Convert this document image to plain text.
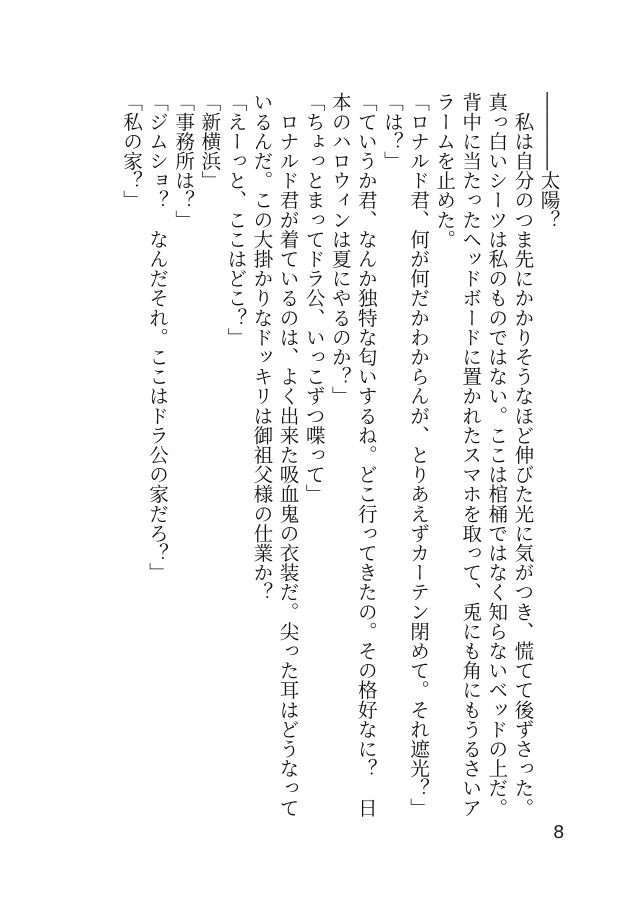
――――太陽？
　私は自分のつま先にかかりそうなほど伸びた光に気がつき、慌てて後ずさった。
真っ白いシーツは私のものではない。ここは棺桶ではなく知らないベッドの上だ。
背中に当たったヘッドボードに置かれたスマホを取って、兎にも角にもうるさいア
ラームを止めた。
「ロナルド君、何が何だかわからんが、とりあえずカーテン閉めて。それ遮光？」
「は？」
「ていうか君、なんか独特な匂いするね。どこ行ってきたの。その格好なに？　日
本のハロウィンは夏にやるのか？」
「ちょっとまってドラ公、いっこずつ喋って」
　ロナルド君が着ているのは、よく出来た吸血鬼の衣装だ。尖った耳はどうなって
いるんだ。この大掛かりなドッキリは御祖父様の仕業か？
「えーっと、ここはどこ？」
「新横浜」
「事務所は？」
「ジムショ？　なんだそれ。ここはドラ公の家だろ？」
「私の家？」
8
